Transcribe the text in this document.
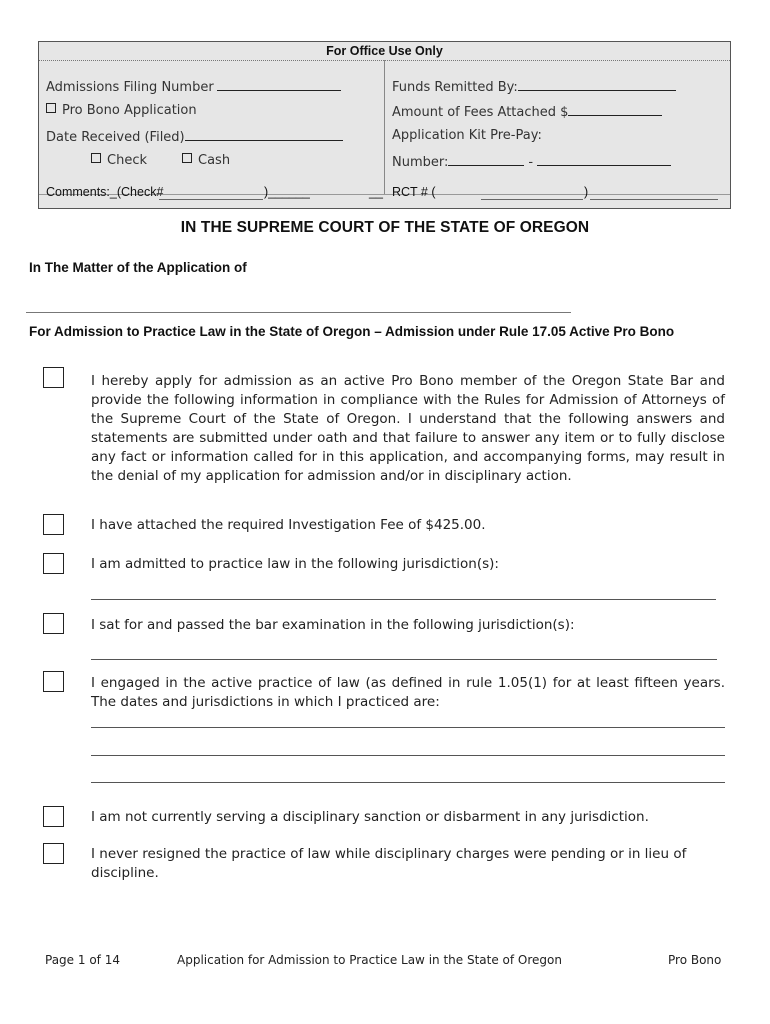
For Office Use Only
Admissions Filing Number
Pro Bono Application
Date Received (Filed)
Check	Cash
Funds Remitted By:
Amount of Fees Attached $
Application Kit Pre-Pay:
Number:	-
Comments:_(Check#	)______	__ RCT # (	)
IN THE SUPREME COURT OF THE STATE OF OREGON
In The Matter of the Application of
For Admission to Practice Law in the State of Oregon – Admission under Rule 17.05 Active Pro Bono
I hereby apply for admission as an active Pro Bono member of the Oregon State Bar and provide the following information in compliance with the Rules for Admission of Attorneys of the Supreme Court of the State of Oregon. I understand that the following answers and statements are submitted under oath and that failure to answer any item or to fully disclose any fact or information called for in this application, and accompanying forms, may result in the denial of my application for admission and/or in disciplinary action.
I have attached the required Investigation Fee of $425.00.
I am admitted to practice law in the following jurisdiction(s):
I sat for and passed the bar examination in the following jurisdiction(s):
I engaged in the active practice of law (as defined in rule 1.05(1) for at least fifteen years. The dates and jurisdictions in which I practiced are:
I am not currently serving a disciplinary sanction or disbarment in any jurisdiction.
I never resigned the practice of law while disciplinary charges were pending or in lieu of discipline.
Page 1 of 14	Application for Admission to Practice Law in the State of Oregon	Pro Bono
